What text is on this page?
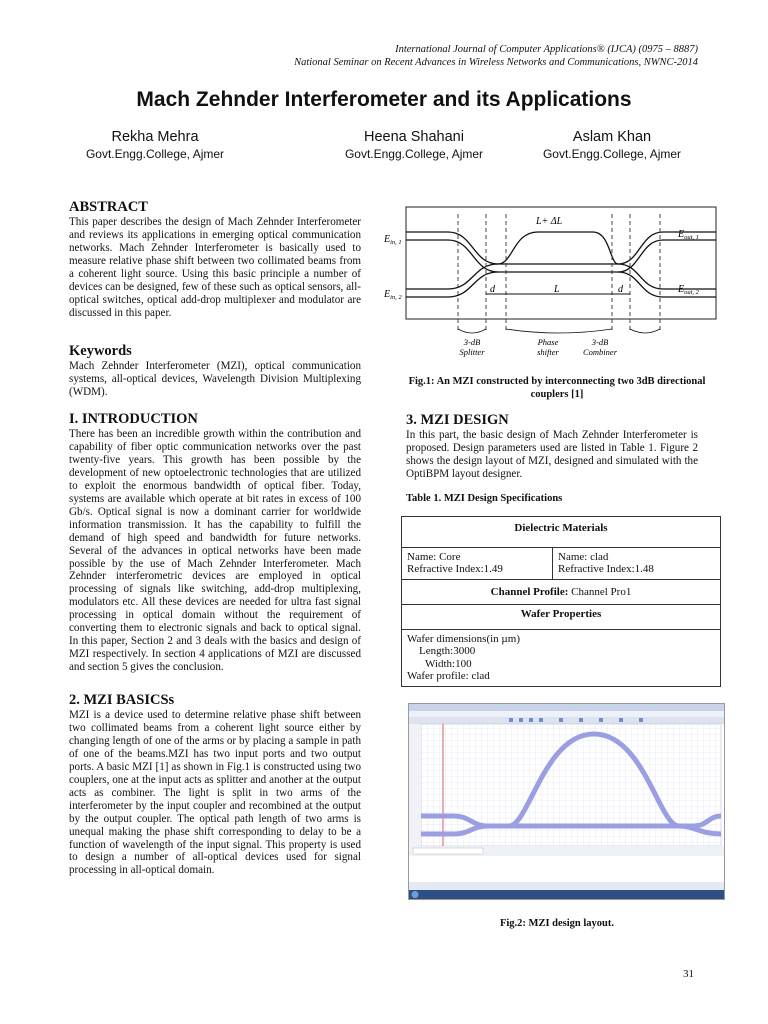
International Journal of Computer Applications® (IJCA) (0975 – 8887)
National Seminar on Recent Advances in Wireless Networks and Communications, NWNC-2014
Mach Zehnder Interferometer and its Applications
Rekha Mehra
Govt.Engg.College, Ajmer
Heena Shahani
Govt.Engg.College, Ajmer
Aslam Khan
Govt.Engg.College, Ajmer
ABSTRACT
This paper describes the design of Mach Zehnder Interferometer and reviews its applications in emerging optical communication networks. Mach Zehnder Interferometer is basically used to measure relative phase shift between two collimated beams from a coherent light source. Using this basic principle a number of devices can be designed, few of these such as optical sensors, all-optical switches, optical add-drop multiplexer and modulator are discussed in this paper.
Keywords
Mach Zehnder Interferometer (MZI), optical communication systems, all-optical devices, Wavelength Division Multiplexing (WDM).
I. INTRODUCTION
There has been an incredible growth within the contribution and capability of fiber optic communication networks over the past twenty-five years. This growth has been possible by the development of new optoelectronic technologies that are utilized to exploit the enormous bandwidth of optical fiber. Today, systems are available which operate at bit rates in excess of 100 Gb/s. Optical signal is now a dominant carrier for worldwide information transmission. It has the capability to fulfill the demand of high speed and bandwidth for future networks. Several of the advances in optical networks have been made possible by the use of Mach Zehnder Interferometer. Mach Zehnder interferometric devices are employed in optical processing of signals like switching, add-drop multiplexing, modulators etc. All these devices are needed for ultra fast signal processing in optical domain without the requirement of converting them to electronic signals and back to optical signal. In this paper, Section 2 and 3 deals with the basics and design of MZI respectively. In section 4 applications of MZI are discussed and section 5 gives the conclusion.
2. MZI BASICSs
MZI is a device used to determine relative phase shift between two collimated beams from a coherent light source either by changing length of one of the arms or by placing a sample in path of one of the beams.MZI has two input ports and two output ports. A basic MZI [1] as shown in Fig.1 is constructed using two couplers, one at the input acts as splitter and another at the output acts as combiner. The light is split in two arms of the interferometer by the input coupler and recombined at the output by the output coupler. The optical path length of two arms is unequal making the phase shift corresponding to delay to be a function of wavelength of the input signal. This property is used to design a number of all-optical devices used for signal processing in all-optical domain.
L+ ΔL
$E_{in, 1}$
$E_{in, 2}$
$E_{out, 1}$
$E_{out, 2}$
d	L	d
3-dB
Splitter
Phase
shifter
3-dB
Combiner
Fig.1: An MZI constructed by interconnecting two 3dB directional couplers [1]
3. MZI DESIGN
In this part, the basic design of Mach Zehnder Interferometer is proposed. Design parameters used are listed in Table 1. Figure 2 shows the design layout of MZI, designed and simulated with the OptiBPM layout designer.
Table 1. MZI Design Specifications
Dielectric Materials

Name: Core
Refractive Index:1.49

Name: clad
Refractive Index:1.48

Channel Profile: Channel Pro1
Wafer Properties

Wafer dimensions(in µm)
Length:3000
Width:100
Wafer profile: clad
Fig.2: MZI design layout.
31
